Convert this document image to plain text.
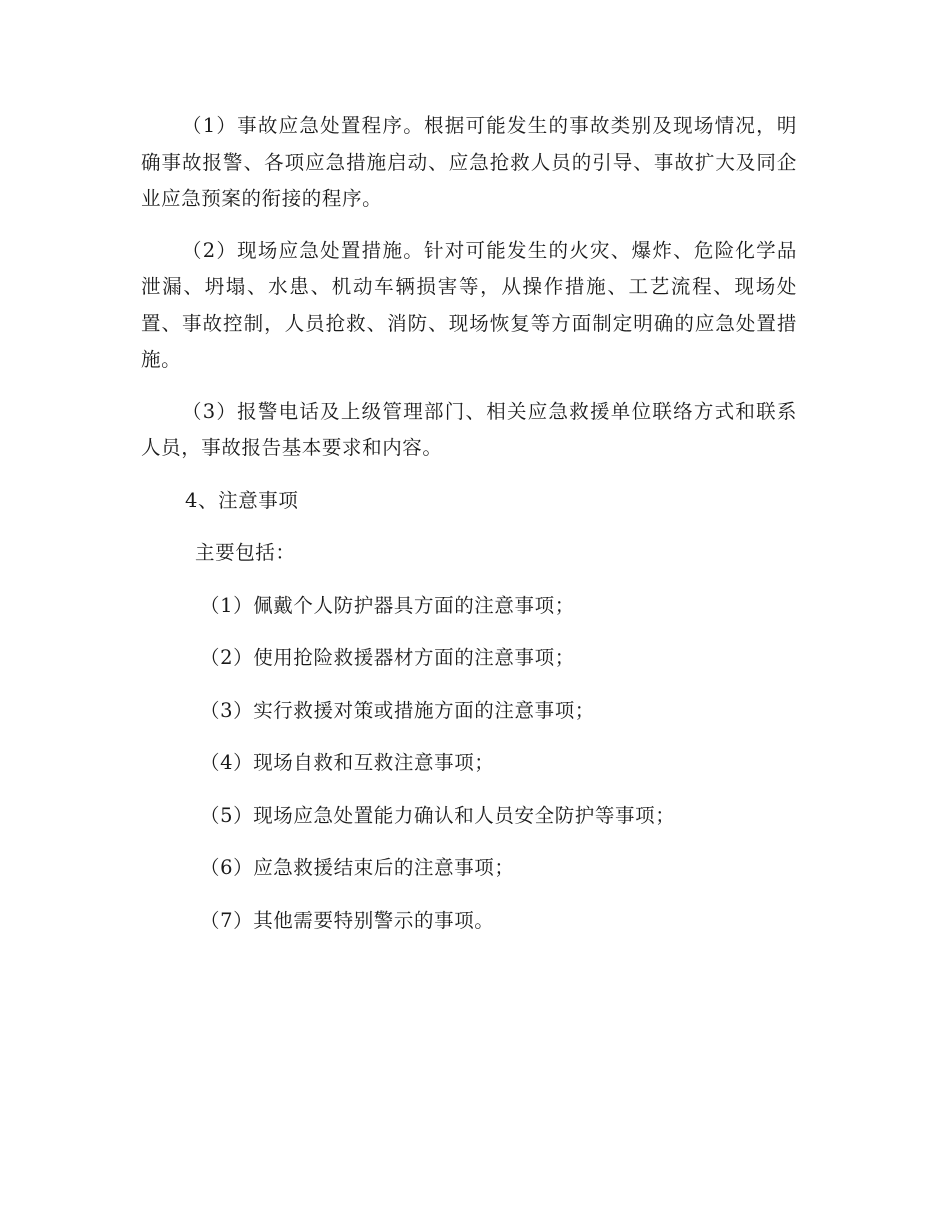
（1）事故应急处置程序。根据可能发生的事故类别及现场情况，明确事故报警、各项应急措施启动、应急抢救人员的引导、事故扩大及同企业应急预案的衔接的程序。

（2）现场应急处置措施。针对可能发生的火灾、爆炸、危险化学品泄漏、坍塌、水患、机动车辆损害等，从操作措施、工艺流程、现场处置、事故控制，人员抢救、消防、现场恢复等方面制定明确的应急处置措施。

（3）报警电话及上级管理部门、相关应急救援单位联络方式和联系人员，事故报告基本要求和内容。

4、注意事项
主要包括：
（1）佩戴个人防护器具方面的注意事项；
（2）使用抢险救援器材方面的注意事项；
（3）实行救援对策或措施方面的注意事项；
（4）现场自救和互救注意事项；
（5）现场应急处置能力确认和人员安全防护等事项；
（6）应急救援结束后的注意事项；
（7）其他需要特别警示的事项。
